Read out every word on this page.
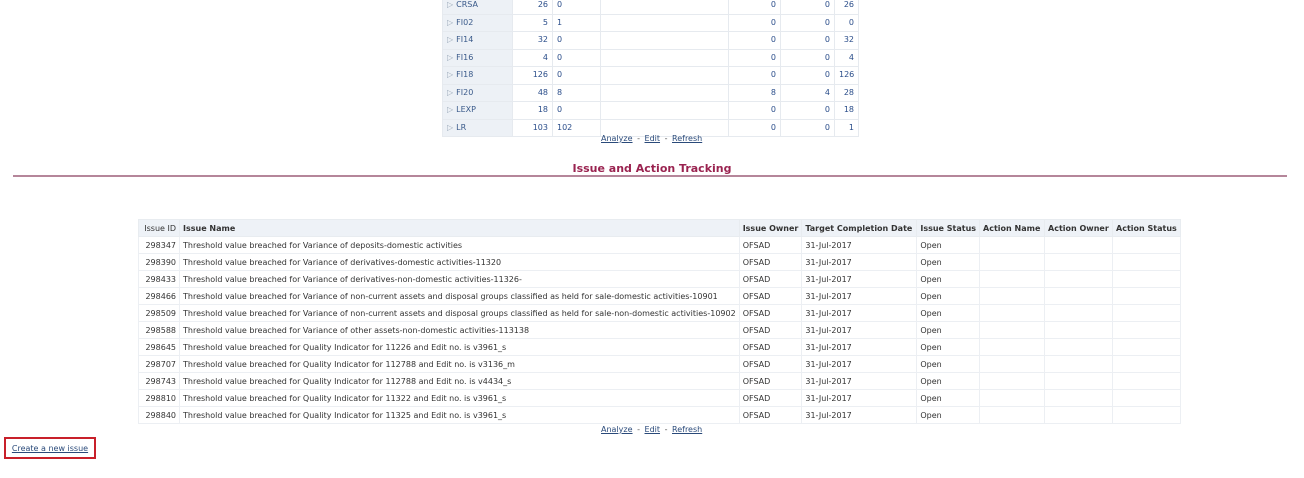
▷ CRSA	26	0		0	0	26
▷ FI02	5	1		0	0	0
▷ FI14	32	0		0	0	32
▷ FI16	4	0		0	0	4
▷ FI18	126	0		0	0	126
▷ FI20	48	8		8	4	28
▷ LEXP	18	0		0	0	18
▷ LR	103	102		0	0	1
Analyze - Edit - Refresh
Issue and Action Tracking
Issue ID	Issue Name	Issue Owner	Target Completion Date	Issue Status	Action Name	Action Owner	Action Status
298347	Threshold value breached for Variance of deposits-domestic activities	OFSAD	31-Jul-2017	Open			
298390	Threshold value breached for Variance of derivatives-domestic activities-11320	OFSAD	31-Jul-2017	Open			
298433	Threshold value breached for Variance of derivatives-non-domestic activities-11326-	OFSAD	31-Jul-2017	Open			
298466	Threshold value breached for Variance of non-current assets and disposal groups classified as held for sale-domestic activities-10901	OFSAD	31-Jul-2017	Open			
298509	Threshold value breached for Variance of non-current assets and disposal groups classified as held for sale-non-domestic activities-10902	OFSAD	31-Jul-2017	Open			
298588	Threshold value breached for Variance of other assets-non-domestic activities-113138	OFSAD	31-Jul-2017	Open			
298645	Threshold value breached for Quality Indicator for 11226 and Edit no. is v3961_s	OFSAD	31-Jul-2017	Open			
298707	Threshold value breached for Quality Indicator for 112788 and Edit no. is v3136_m	OFSAD	31-Jul-2017	Open			
298743	Threshold value breached for Quality Indicator for 112788 and Edit no. is v4434_s	OFSAD	31-Jul-2017	Open			
298810	Threshold value breached for Quality Indicator for 11322 and Edit no. is v3961_s	OFSAD	31-Jul-2017	Open			
298840	Threshold value breached for Quality Indicator for 11325 and Edit no. is v3961_s	OFSAD	31-Jul-2017	Open			
Analyze - Edit - Refresh
Create a new issue
